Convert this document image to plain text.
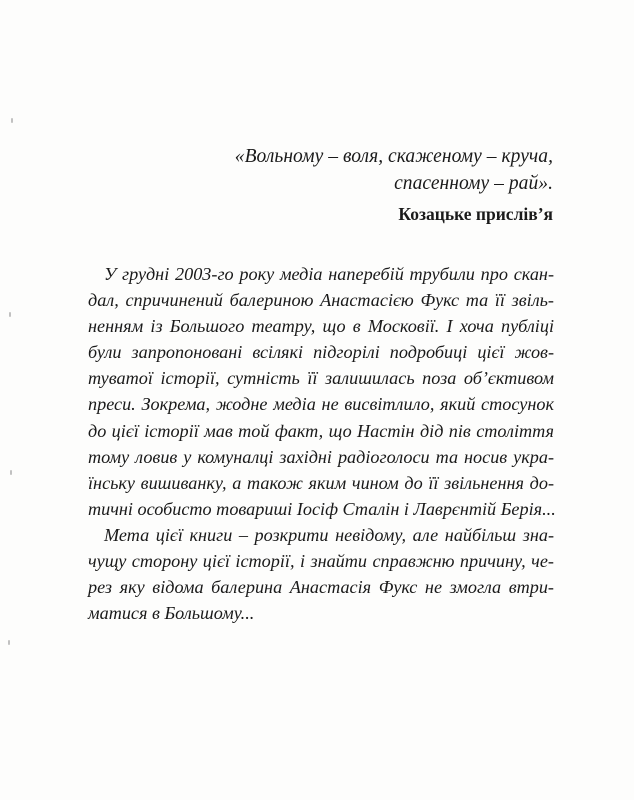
«Вольному – воля, скаженому – круча,
спасенному – рай».
Козацьке прислів’я
У грудні 2003-го року медіа наперебій трубили про скан-
дал, спричинений балериною Анастасією Фукс та її звіль-
ненням із Большого театру, що в Московії. І хоча публіці
були запропоновані всілякі підгорілі подробиці цієї жов-
туватої історії, сутність її залишилась поза об’єктивом
преси. Зокрема, жодне медіа не висвітлило, який стосунок
до цієї історії мав той факт, що Настін дід пів століття
тому ловив у комуналці західні радіоголоси та носив укра-
їнську вишиванку, а також яким чином до її звільнення до-
тичні особисто товариші Іосіф Сталін і Лаврєнтій Берія...
Мета цієї книги – розкрити невідому, але найбільш зна-
чущу сторону цієї історії, і знайти справжню причину, че-
рез яку відома балерина Анастасія Фукс не змогла втри-
матися в Большому...
